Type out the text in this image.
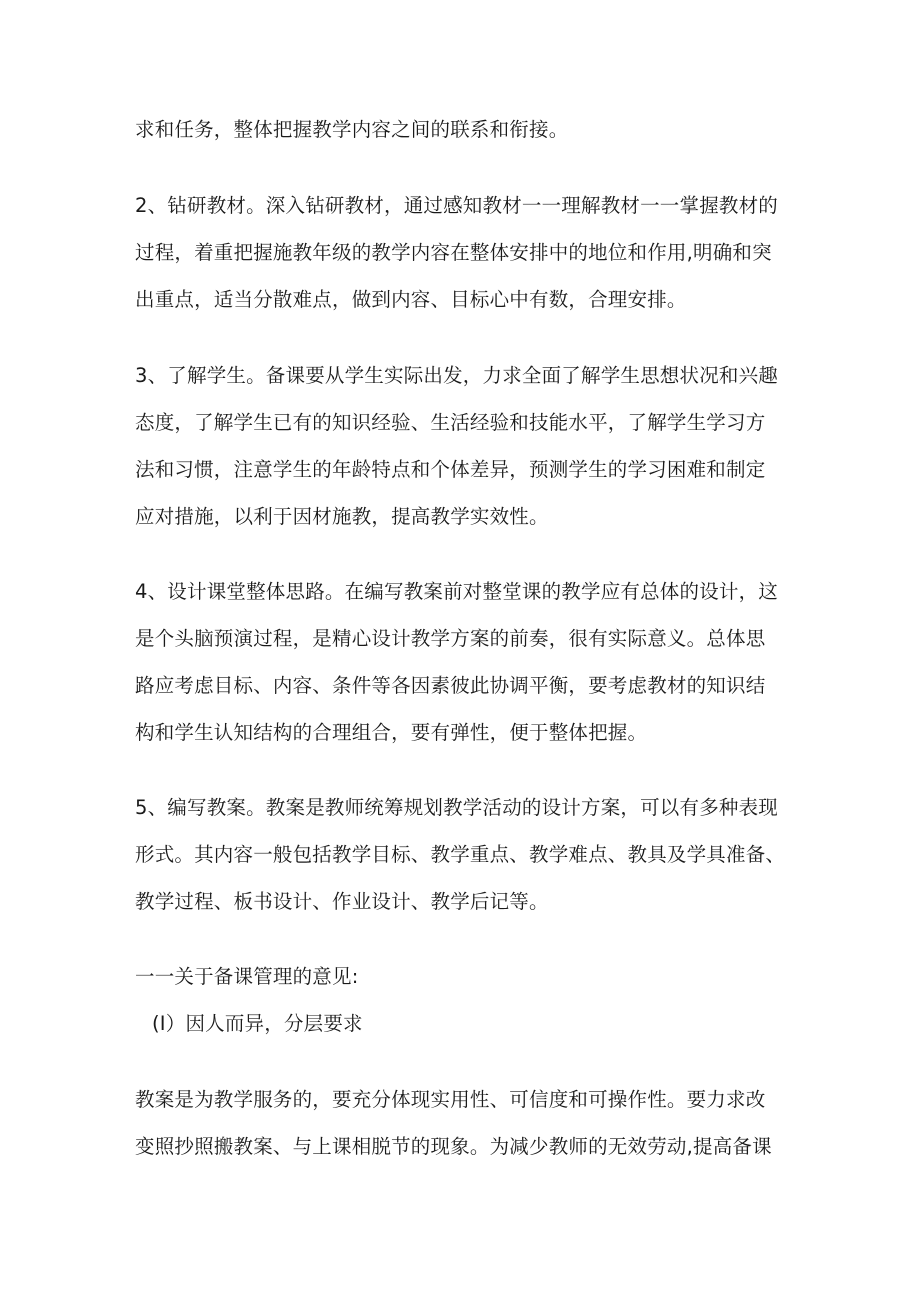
求和任务，整体把握教学内容之间的联系和衔接。

2、钻研教材。深入钻研教材，通过感知教材一一理解教材一一掌握教材的

过程，着重把握施教年级的教学内容在整体安排中的地位和作用,明确和突

出重点，适当分散难点，做到内容、目标心中有数，合理安排。

3、了解学生。备课要从学生实际出发，力求全面了解学生思想状况和兴趣

态度，了解学生已有的知识经验、生活经验和技能水平，了解学生学习方

法和习惯，注意学生的年龄特点和个体差异，预测学生的学习困难和制定

应对措施，以利于因材施教，提高教学实效性。

4、设计课堂整体思路。在编写教案前对整堂课的教学应有总体的设计，这

是个头脑预演过程，是精心设计教学方案的前奏，很有实际意义。总体思

路应考虑目标、内容、条件等各因素彼此协调平衡，要考虑教材的知识结

构和学生认知结构的合理组合，要有弹性，便于整体把握。

5、编写教案。教案是教师统筹规划教学活动的设计方案，可以有多种表现

形式。其内容一般包括教学目标、教学重点、教学难点、教具及学具准备、

教学过程、板书设计、作业设计、教学后记等。

一一关于备课管理的意见:

(I）因人而异，分层要求

教案是为教学服务的，要充分体现实用性、可信度和可操作性。要力求改

变照抄照搬教案、与上课相脱节的现象。为减少教师的无效劳动,提高备课
